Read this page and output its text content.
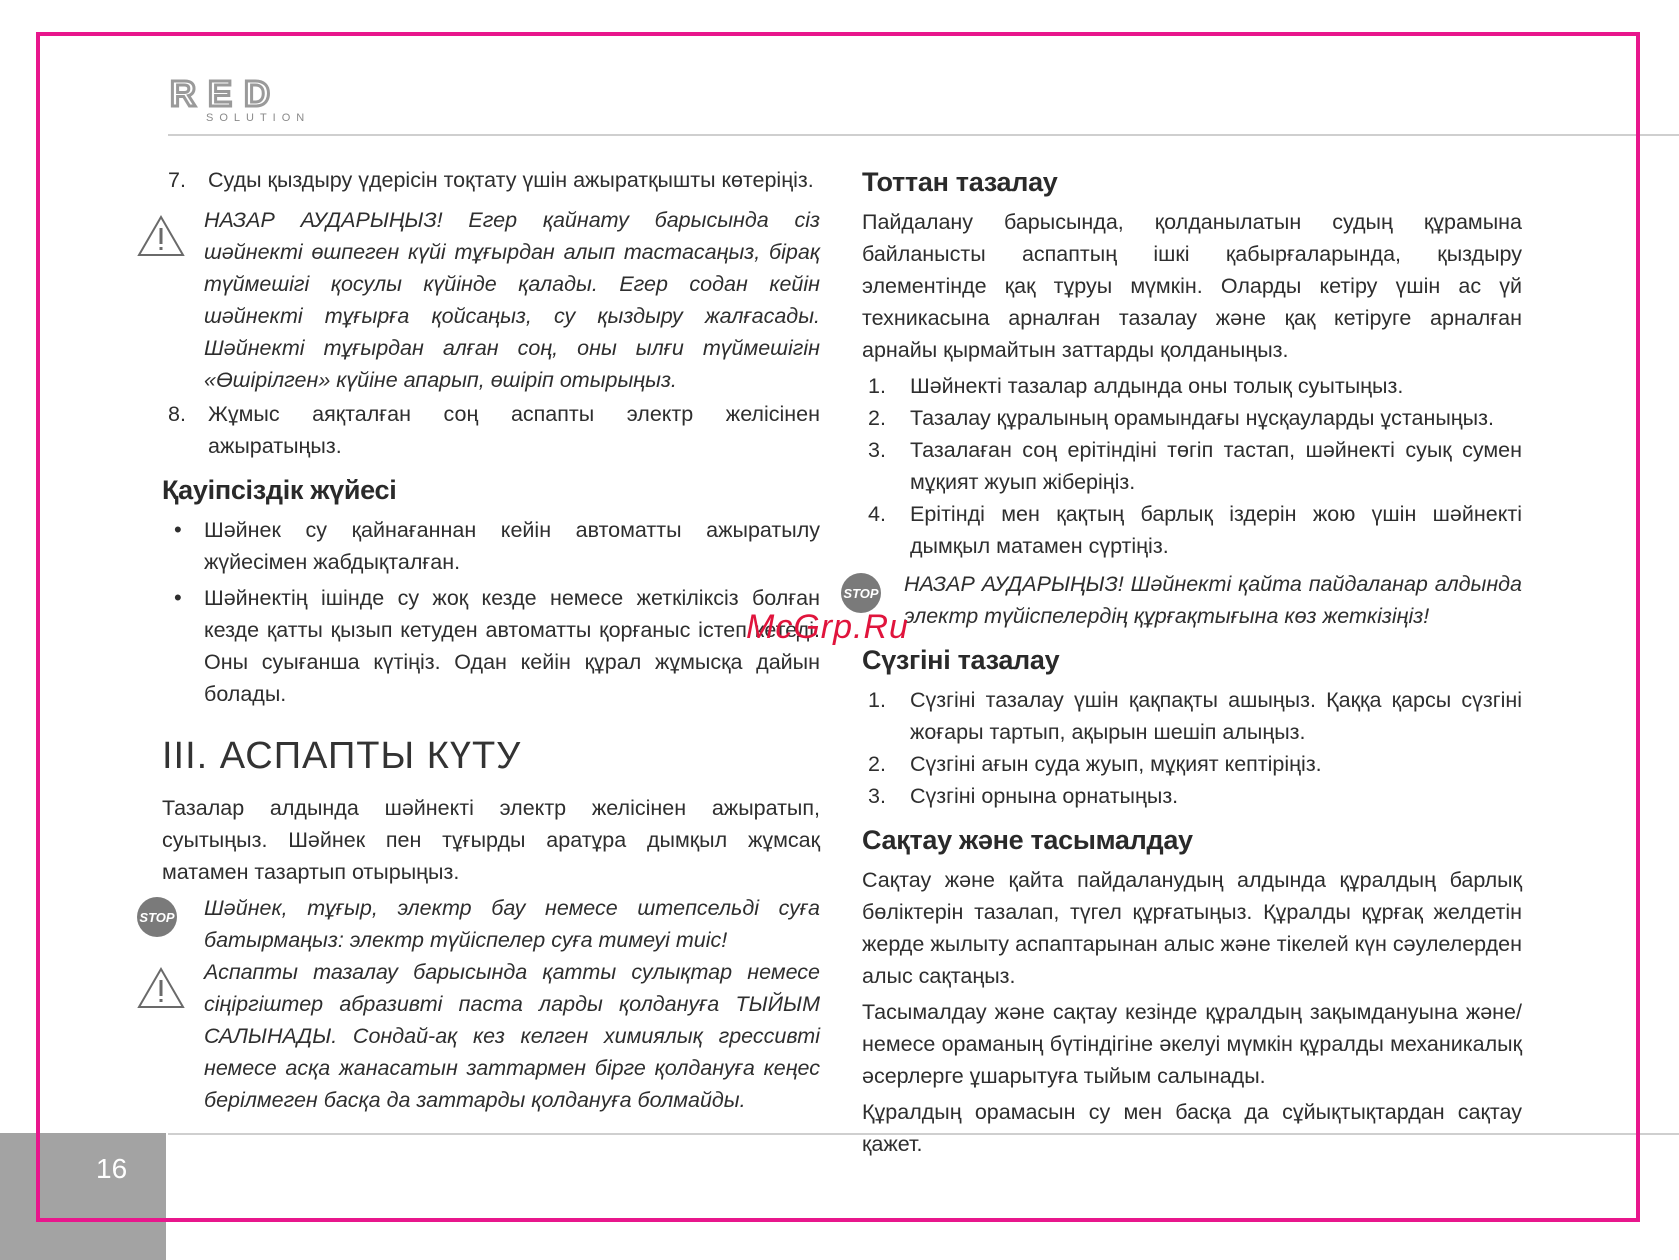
RED
SOLUTION
16
McGrp.Ru
7. Суды қыздыру үдерісін тоқтату үшін ажыратқышты көтеріңіз.
НАЗАР АУДАРЫҢЫЗ! Егер қайнату барысында сіз шәйнекті өшпеген күйі тұғырдан алып тастасаңыз, бірақ түймешігі қосулы күйінде қалады. Егер содан кейін шәйнекті тұғырға қойсаңыз, су қыздыру жалғасады. Шәйнекті тұғырдан алған соң, оны ылғи түймешігін «Өшірілген» күйіне апарып, өшіріп отырыңыз.
8. Жұмыс аяқталған соң аспапты электр желісінен ажыратыңыз.
Қауіпсіздік жүйесі
• Шәйнек су қайнағаннан кейін автоматты ажыратылу жүйесімен жабдықталған.
• Шәйнектің ішінде су жоқ кезде немесе жеткіліксіз болған кезде қатты қызып кетуден автоматты қорғаныс істеп кетеді. Оны суығанша күтіңіз. Одан кейін құрал жұмысқа дайын болады.
III. АСПАПТЫ КҮТУ

Тазалар алдында шәйнекті электр желісінен ажыратып, суытыңыз. Шәйнек пен тұғырды аратұра дымқыл жұмсақ матамен тазартып отырыңыз.

STOP Шәйнек, тұғыр, электр бау немесе штепсельді суға батырмаңыз: электр түйіспелер суға тимеуі тиіс!
Аспапты тазалау барысында қатты сулықтар немесе сіңіргіштер абразивті паста ларды қолдануға ТЫЙЫМ САЛЫНАДЫ. Сондай-ақ кез келген химиялық грессивті немесе асқа жанасатын заттармен бірге қолдануға кеңес берілмеген басқа да заттарды қолдануға болмайды.
Тоттан тазалау

Пайдалану барысында, қолданылатын судың құрамына байланысты аспаптың ішкі қабырғаларында, қыздыру элементінде қақ тұруы мүмкін. Оларды кетіру үшін ас үй техникасына арналған тазалау және қақ кетіруге арналған арнайы қырмайтын заттарды қолданыңыз.

1. Шәйнекті тазалар алдында оны толық суытыңыз.
2. Тазалау құралының орамындағы нұсқауларды ұстаныңыз.
3. Тазалаған соң ерітіндіні төгіп тастап, шәйнекті суық сумен мұқият жуып жіберіңіз.
4. Ерітінді мен қақтың барлық іздерін жою үшін шәйнекті дымқыл матамен сүртіңіз.
STOP НАЗАР АУДАРЫҢЫЗ! Шәйнекті қайта пайдаланар алдында электр түйіспелердің құрғақтығына көз жеткізіңіз!
Сүзгіні тазалау
1. Сүзгіні тазалау үшін қақпақты ашыңыз. Қаққа қарсы сүзгіні жоғары тартып, ақырын шешіп алыңыз.
2. Сүзгіні ағын суда жуып, мұқият кептіріңіз.
3. Сүзгіні орнына орнатыңыз.
Сақтау және тасымалдау

Сақтау және қайта пайдаланудың алдында құралдың барлық бөліктерін тазалап, түгел құрғатыңыз. Құралды құрғақ желдетін жерде жылыту аспаптарынан алыс және тікелей күн сәулелерден алыс сақтаңыз.

Тасымалдау және сақтау кезінде құралдың зақымдануына және/немесе ораманың бүтіндігіне әкелуі мүмкін құралды механикалық әсерлерге ұшарытуға тыйым салынады.

Құралдың орамасын су мен басқа да сұйықтықтардан сақтау қажет.
